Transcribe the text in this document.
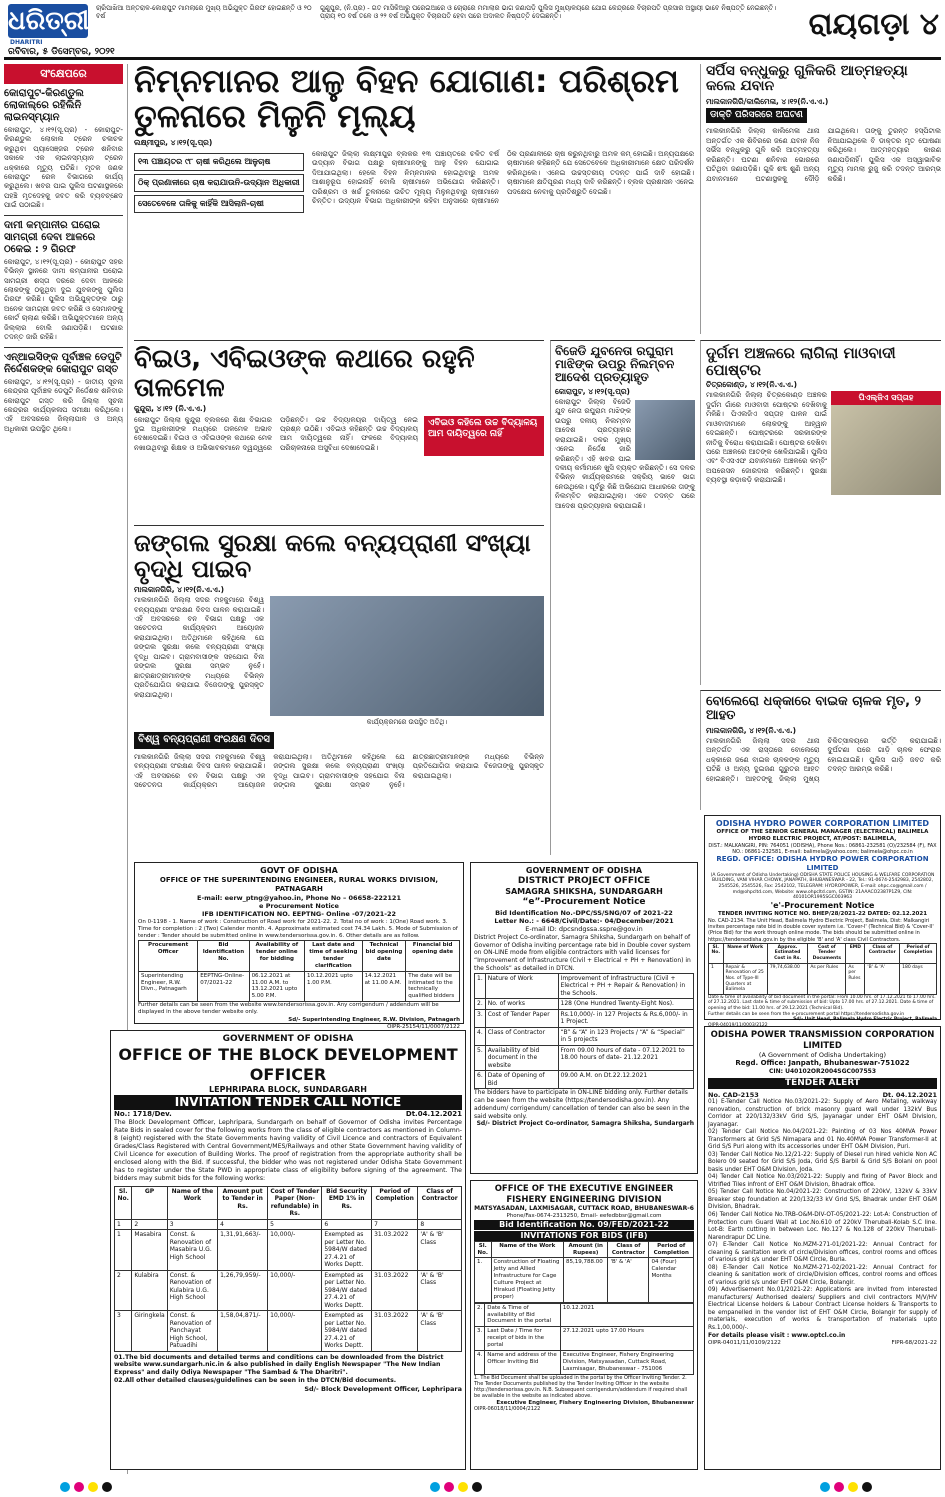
ଧରିତ୍ରୀ
DHARITRI
ରବିବାର, ୫ ଡିସେମ୍ବର, ୨୦୨୧
ଚାରିପାଖିଆ ଅନ୍ତରାଳ-କୋରାପୁଟ ମାମଲାରେ ମୁଖ୍ୟ ଅଭିଯୁକ୍ତ ଗିରଫ ହୋଇଛନ୍ତି ଓ ୨୦ ବର୍ଷ
ଗୁଣୁପୁର, (ନି.ପ୍ର) - ଗତ ମାସିକିଆରୁ ଘରେଇଆରେ ଓ ଚୋରାରେ ମମାଲାର ଭାଗ ଜଣାପଡ଼ି ପୁଲିସ ମୁଖ୍ୟାଳୟରେ ଯୋଗ କେନ୍ଦ୍ରରେ ବିଚାରପତି ପ୍ରସାର ଅସ୍ଥାୟୀ ଭାବେ ନିଷ୍ପତ୍ତି ନେଇଛନ୍ତି। ପ୍ରାୟ ୧୦ ବର୍ଷ ତଳେ ଓ ୨୨ ବର୍ଷ ଅଭିଯୁକ୍ତ ବିଚାରପତି ହେବା ପରେ ଅଦାଲତ ନିଷ୍ପତ୍ତି ଦେଇଛନ୍ତି।	ରାୟଗଡ଼ା ୪
ସଂକ୍ଷେପରେ
କୋରାପୁଟ-କିରଣ୍ଡୁଲ ଲୋକାଲ୍‌ରେ ରହିଲିନି ଲାଇନସ୍ମ୍ୟାନ
କୋରାପୁଟ, ୪।୧୨(ସୂ.ପ୍ର) - କୋରାପୁଟ-କିରଣ୍ଡୁଲ ଲୋକାଲ ଟ୍ରେନ ଚଳାଚଳ କରୁଥିବା ପ୍ୟାସେଞ୍ଜର ଟ୍ରେନ ଶନିବାର ସକାଳେ ଏକ ଲାଇନସ୍ମ୍ୟାନ ଟ୍ରେନ ଧକ୍କାରେ ମୃତ୍ୟୁ ଘଟିଛି। ମୃତକ ଜଣକ କୋରାପୁଟ ରେଳ ବିଭାଗରେ କାର୍ଯ୍ୟ କରୁଥିଲେ। ଖବର ପାଇ ପୁଲିସ ଘଟଣାସ୍ଥଳରେ ପହଞ୍ଚି ମୃତଦେହକୁ ଜବତ କରି ବ୍ୟବଚ୍ଛେଦ ପାଇଁ ପଠାଇଛି।
ଦାମୀ କମ୍ପାନୀର ଘରୋଇ ସାମଗ୍ରୀ ଦେବା ଆଳରେ ଠକେଇ : ୨ ଗିରଫ
କୋରାପୁଟ, ୪।୧୨(ସୂ.ପ୍ର) - କୋରାପୁଟ ସହର ବିଭିନ୍ନ ସ୍ଥାନରେ ଦାମୀ କମ୍ପାନୀର ଘରୋଇ ସାମଗ୍ରୀ ଶସ୍ତା ଦରରେ ଦେବା ଆଳରେ ଲୋକଙ୍କୁ ଠକୁଥିବା ଦୁଇ ଯୁବକଙ୍କୁ ପୁଲିସ ଗିରଫ କରିଛି। ପୁଲିସ ଅଭିଯୁକ୍ତଙ୍କ ଠାରୁ ଅନେକ ସାମଗ୍ରୀ ଜବତ କରିଛି ଓ ସେମାନଙ୍କୁ କୋର୍ଟ ଚାଲାଣ କରିଛି। ଅଭିଯୁକ୍ତମାନେ ଅନ୍ୟ ଜିଲ୍ଲାର ବୋଲି ଜଣାପଡ଼ିଛି। ଘଟଣାର ତଦନ୍ତ ଜାରି ରହିଛି।
ଏନ୍‌ଆଇସିଙ୍କ ପୂର୍ବାଞ୍ଚଳ ଡେପୁଟି ନିର୍ଦ୍ଦେଶକଙ୍କ କୋରାପୁଟ ଗସ୍ତ
କୋରାପୁଟ, ୪।୧୨(ସୂ.ପ୍ର) - ଜାତୀୟ ସୂଚନା କେନ୍ଦ୍ରର ପୂର୍ବାଞ୍ଚଳ ଡେପୁଟି ନିର୍ଦ୍ଦେଶକ ଶନିବାର କୋରାପୁଟ ଗସ୍ତ କରି ଜିଲ୍ଲା ସୂଚନା କେନ୍ଦ୍ରର କାର୍ଯ୍ୟକଳାପ ସମୀକ୍ଷା କରିଥିଲେ। ଏହି ଅବସରରେ ଜିଲ୍ଲାପାଳ ଓ ଅନ୍ୟ ଅଧିକାରୀ ଉପସ୍ଥିତ ଥିଲେ।
ନିମ୍ନମାନର ଆଳୁ ବିହନ ଯୋଗାଣ: ପରିଶ୍ରମ ତୁଳନାରେ ମିଳୁନି ମୂଲ୍ୟ
ଲକ୍ଷ୍ମୀପୁର, ୪।୧୨(ସୂ.ପ୍ର)
୧୩ ପଞ୍ଚାୟତର ୯୮ ଚାଷୀ କରିଥିଲେ ଆଳୁଚାଷ
ଠିକ୍ ପ୍ରଣାଳୀରେ ଚାଷ କରାଯାଉନି-ଉଦ୍ୟାନ ଅଧିକାରୀ
ସେତେବେଳେ ତାଳିକୁ କାହିଁକି ଆସିଲାନି-ଚାଷୀ
କୋରାପୁଟ ଜିଲ୍ଲା ଲକ୍ଷ୍ମୀପୁର ବ୍ଲକର ୧୩ ପଞ୍ଚାୟତରେ ଚଳିତ ବର୍ଷ ଉଦ୍ୟାନ ବିଭାଗ ପକ୍ଷରୁ ଚାଷୀମାନଙ୍କୁ ଆଳୁ ବିହନ ଯୋଗାଇ ଦିଆଯାଇଥିଲା। ହେଲେ ବିହନ ନିମ୍ନମାନର ହୋଇଥିବାରୁ ଅମଳ ଆଶାନୁରୂପ ହୋଇନାହିଁ ବୋଲି ଚାଷୀମାନେ ଅଭିଯୋଗ କରିଛନ୍ତି। ପରିଶ୍ରମ ଓ ଖର୍ଚ୍ଚ ତୁଳନାରେ ଉଚିତ ମୂଲ୍ୟ ମିଳୁନଥିବାରୁ ଚାଷୀମାନେ ଚିନ୍ତିତ। ଉଦ୍ୟାନ ବିଭାଗ ଅଧିକାରୀଙ୍କ କହିବା ଅନୁସାରେ ଚାଷୀମାନେ ଠିକ ପ୍ରଣାଳୀରେ ଚାଷ କରୁନଥିବାରୁ ଅମଳ କମ୍ ହୋଇଛି। ଅନ୍ୟପକ୍ଷରେ ଚାଷୀମାନେ କହିଛନ୍ତି ଯେ ସେତେବେଳେ ଅଧିକାରୀମାନେ କ୍ଷେତ ପରିଦର୍ଶନ କରିନଥିଲେ। ଏନେଇ ଉଚ୍ଚସ୍ତରୀୟ ତଦନ୍ତ ପାଇଁ ଦାବି ହୋଇଛି। ଚାଷୀମାନେ କ୍ଷତିପୂରଣ ମଧ୍ୟ ଦାବି କରିଛନ୍ତି। ବ୍ଲକ ପ୍ରଶାସନ ଏନେଇ ପଦକ୍ଷେପ ନେବାକୁ ପ୍ରତିଶ୍ରୁତି ଦେଇଛି।
ସର୍ପିସ ବନ୍ଧୁକରୁ ଗୁଳିକରି ଆତ୍ମହତ୍ୟା କଲେ ଯବାନ
ମାଲକାନଗିରି/କାଲିମେଳା, ୪।୧୨(ନି.ଏ.ଏ.)
ଡାକ୍ତି ପରିସରରେ ଅଘଟଣ
ମାଲକାନଗିରି ଜିଲ୍ଲା କାଲିମେଳା ଥାନା ଅନ୍ତର୍ଗତ ଏକ ଶିବିରରେ ଜଣେ ଯବାନ ନିଜ ସର୍ଭିସ ବନ୍ଧୁକରୁ ଗୁଳି କରି ଆତ୍ମହତ୍ୟା କରିଛନ୍ତି। ଘଟଣା ଶନିବାର ଭୋରରେ ଘଟିଥିବା ଜଣାପଡ଼ିଛି। ଗୁଳି ଶବ୍ଦ ଶୁଣି ଅନ୍ୟ ଯବାନମାନେ ଘଟଣାସ୍ଥଳକୁ ଦୌଡ଼ି ଯାଇଥିଲେ। ତାଙ୍କୁ ତୁରନ୍ତ ହସ୍ପିଟାଲ ନିଆଯାଇଥିଲେ ବି ଡାକ୍ତର ମୃତ ଘୋଷଣା କରିଥିଲେ। ଆତ୍ମହତ୍ୟାର କାରଣ ଜଣାପଡ଼ିନାହିଁ। ପୁଲିସ ଏକ ଅସ୍ୱାଭାବିକ ମୃତ୍ୟୁ ମାମଲା ରୁଜୁ କରି ତଦନ୍ତ ଆରମ୍ଭ କରିଛି।
ବିଇଓ, ଏବିଇଓଙ୍କ କଥାରେ ରହୁନି ତାଳମେଳ
କୁନ୍ଦୁରା, ୪।୧୨ (ନି.ଏ.ଏ.)
କୋରାପୁଟ ଜିଲ୍ଲା କୁନ୍ଦୁରା ବ୍ଲକରେ ଶିକ୍ଷା ବିଭାଗର ଦୁଇ ଅଧିକାରୀଙ୍କ ମଧ୍ୟରେ ତାଳମେଳ ଅଭାବ ଦେଖାଦେଇଛି। ବିଇଓ ଓ ଏବିଇଓଙ୍କ କଥାରେ ମେଳ ନଖାଉଥିବାରୁ ଶିକ୍ଷକ ଓ ଅଭିଭାବକମାନେ ଦ୍ୱନ୍ଦ୍ୱରେ ପଡ଼ିଛନ୍ତି। ଉଚ୍ଚ ବିଦ୍ୟାଳୟର ଦାୟିତ୍ୱ ନେଇ ପ୍ରଶ୍ନ ଉଠିଛି। ଏବିଇଓ କହିଛନ୍ତି ଉଚ୍ଚ ବିଦ୍ୟାଳୟ ଆମ ଦାୟିତ୍ୱରେ ନାହିଁ। ଫଳରେ ବିଦ୍ୟାଳୟ ପରିଚାଳନାରେ ଅସୁବିଧା ଦେଖାଦେଇଛି।
ଏବିଇଓ କହିଲେ ଉଚ୍ଚ ବିଦ୍ୟାଳୟ ଆମ ଦାୟିତ୍ୱରେ ନାହିଁ
ଜଙ୍ଗଲ ସୁରକ୍ଷା କଲେ ବନ୍ୟପ୍ରାଣୀ ସଂଖ୍ୟା ବୃଦ୍ଧି ପାଇବ
ମାଲକାନଗିରି, ୪।୧୨(ନି.ଏ.ଏ.)
ମାଲକାନଗିରି ଜିଲ୍ଲା ସଦର ମହକୁମାରେ ବିଶ୍ୱ ବନ୍ୟପ୍ରାଣୀ ସଂରକ୍ଷଣ ଦିବସ ପାଳନ କରାଯାଇଛି। ଏହି ଅବସରରେ ବନ ବିଭାଗ ପକ୍ଷରୁ ଏକ ସଚେତନତା କାର୍ଯ୍ୟକ୍ରମ ଆୟୋଜନ କରାଯାଇଥିଲା। ଅତିଥିମାନେ କହିଥିଲେ ଯେ ଜଙ୍ଗଲ ସୁରକ୍ଷା କଲେ ବନ୍ୟପ୍ରାଣୀ ସଂଖ୍ୟା ବୃଦ୍ଧି ପାଇବ। ଗ୍ରାମବାସୀଙ୍କ ସହଯୋଗ ବିନା ଜଙ୍ଗଲ ସୁରକ୍ଷା ସମ୍ଭବ ନୁହେଁ। ଛାତ୍ରଛାତ୍ରୀମାନଙ୍କ ମଧ୍ୟରେ ବିଭିନ୍ନ ପ୍ରତିଯୋଗିତା କରାଯାଇ ବିଜେତାଙ୍କୁ ପୁରସ୍କୃତ କରାଯାଇଥିଲା।
କାର୍ଯ୍ୟକ୍ରମରେ ଉପସ୍ଥିତ ଅତିଥି।
ବିଶ୍ୱ ବନ୍ୟପ୍ରାଣୀ ସଂରକ୍ଷଣ ଦିବସ
ମାଲକାନଗିରି ଜିଲ୍ଲା ସଦର ମହକୁମାରେ ବିଶ୍ୱ ବନ୍ୟପ୍ରାଣୀ ସଂରକ୍ଷଣ ଦିବସ ପାଳନ କରାଯାଇଛି। ଏହି ଅବସରରେ ବନ ବିଭାଗ ପକ୍ଷରୁ ଏକ ସଚେତନତା କାର୍ଯ୍ୟକ୍ରମ ଆୟୋଜନ କରାଯାଇଥିଲା। ଅତିଥିମାନେ କହିଥିଲେ ଯେ ଜଙ୍ଗଲ ସୁରକ୍ଷା କଲେ ବନ୍ୟପ୍ରାଣୀ ସଂଖ୍ୟା ବୃଦ୍ଧି ପାଇବ। ଗ୍ରାମବାସୀଙ୍କ ସହଯୋଗ ବିନା ଜଙ୍ଗଲ ସୁରକ୍ଷା ସମ୍ଭବ ନୁହେଁ। ଛାତ୍ରଛାତ୍ରୀମାନଙ୍କ ମଧ୍ୟରେ ବିଭିନ୍ନ ପ୍ରତିଯୋଗିତା କରାଯାଇ ବିଜେତାଙ୍କୁ ପୁରସ୍କୃତ କରାଯାଇଥିଲା।
ବିଜେଡି ଯୁବନେତା ରଘୁରାମ ମାଝିଙ୍କ ଉପରୁ ନିଲମ୍ବନ ଆଦେଶ ପ୍ରତ୍ୟାହୃତ
କୋରାପୁଟ, ୪।୧୨(ସୂ.ପ୍ର)
କୋରାପୁଟ ଜିଲ୍ଲା ବିଜେଡି ଯୁବ ନେତା ରଘୁରାମ ମାଝିଙ୍କ ଉପରୁ ଦଳୀୟ ନିଲମ୍ବନ ଆଦେଶ ପ୍ରତ୍ୟାହାର କରାଯାଇଛି। ଦଳର ମୁଖ୍ୟ ଏନେଇ ନିର୍ଦ୍ଦେଶ ଜାରି କରିଛନ୍ତି। ଏହି ଖବର ପାଇ ଦଳୀୟ କର୍ମୀମାନେ ଖୁସି ବ୍ୟକ୍ତ କରିଛନ୍ତି। ସେ ଦଳର ବିଭିନ୍ନ କାର୍ଯ୍ୟକ୍ରମରେ ସକ୍ରିୟ ଭାବେ ଭାଗ ନେଉଥିଲେ। ପୂର୍ବରୁ କିଛି ଅଭିଯୋଗ ଆଧାରରେ ତାଙ୍କୁ ନିଲମ୍ବିତ କରାଯାଇଥିଲା। ଏବେ ତଦନ୍ତ ପରେ ଆଦେଶ ପ୍ରତ୍ୟାହାର କରାଯାଇଛି।
ଦୁର୍ଗମ ଅଞ୍ଚଳରେ ଲାଗିଲା ମାଓବାଦୀ ପୋଷ୍ଟର
ଚିତ୍ରକୋଣ୍ଡ, ୪।୧୨(ନି.ଏ.ଏ.)
ପିଏଲ୍‌ଜିଏ ସପ୍ତାହ
ମାଲକାନଗିରି ଜିଲ୍ଲା ଚିତ୍ରକୋଣ୍ଡ ଅଞ୍ଚଳର ଦୁର୍ଗମ ଗାଁରେ ମାଓବାଦୀ ପୋଷ୍ଟର ଦେଖିବାକୁ ମିଳିଛି। ପିଏଲଜିଏ ସପ୍ତାହ ପାଳନ ପାଇଁ ମାଓବାଦୀମାନେ ଲୋକଙ୍କୁ ଆହ୍ୱାନ ଦେଇଛନ୍ତି। ପୋଷ୍ଟରରେ ସରକାରଙ୍କ ନୀତିକୁ ବିରୋଧ କରାଯାଇଛି। ପୋଷ୍ଟର ଦେଖିବା ପରେ ଅଞ୍ଚଳରେ ଆତଙ୍କ ଖେଳିଯାଇଛି। ପୁଲିସ ଏବଂ ବିଏସଏଫ ଯବାନମାନେ ଅଞ୍ଚଳରେ କମ୍ବିଂ ଅପରେସନ ଜୋରଦାର କରିଛନ୍ତି। ସୁରକ୍ଷା ବ୍ୟବସ୍ଥା କଡ଼ାକଡ଼ି କରାଯାଇଛି।
ବୋଲେରୋ ଧକ୍କାରେ ବାଇକ ଚାଳକ ମୃତ, ୨ ଆହତ
ମାଲକାନଗିରି, ୪।୧୨(ନି.ଏ.ଏ.)
ମାଲକାନଗିରି ଜିଲ୍ଲା ସଦର ଥାନା ଅନ୍ତର୍ଗତ ଏକ ରାସ୍ତାରେ ବୋଲେରୋ ଧକ୍କାରେ ଜଣେ ବାଇକ ଚାଳକଙ୍କ ମୃତ୍ୟୁ ଘଟିଛି ଓ ଅନ୍ୟ ଦୁଇଜଣ ଗୁରୁତର ଆହତ ହୋଇଛନ୍ତି। ଆହତଙ୍କୁ ଜିଲ୍ଲା ମୁଖ୍ୟ ଚିକିତ୍ସାଳୟରେ ଭର୍ତ୍ତି କରାଯାଇଛି। ଦୁର୍ଘଟଣା ପରେ ଗାଡ଼ି ଚାଳକ ଫେରାର ହୋଇଯାଇଛି। ପୁଲିସ ଗାଡ଼ି ଜବତ କରି ତଦନ୍ତ ଆରମ୍ଭ କରିଛି।
GOVT OF ODISHA
OFFICE OF THE SUPERINTENDING ENGINEER, RURAL WORKS DIVISION, PATNAGARH
E-mail: eerw_ptng@yahoo.in, Phone No – 06658-222121
e Procurement Notice
IFB IDENTIFICATION NO. EEPTNG- Online -07/2021-22
On 0-1198 - 1. Name of work : Construction of Road work for 2021-22. 2. Total no of work : 1(One) Road work. 3. Time for completion : 2 (Two) Calender month. 4. Approximate estimated cost 74.34 Lakh. 5. Mode of Submission of tender : Tender should be submitted online in www.tendersorissa.gov.in. 6. Other details are as follow.
Procurement Officer	Bid Identification No.	Availability of tender online for bidding	Last date and time of seeking tender clarification	Technical bid opening date	Financial bid opening date
Superintending Engineer, R.W. Divn., Patnagarh	EEPTNG-Online- 07/2021-22	06.12.2021 at 11.00 A.M. to 13.12.2021 upto 5.00 P.M.	10.12.2021 upto 1.00 P.M.	14.12.2021 at 11.00 A.M.	The date will be intimated to the technically qualified bidders
Further details can be seen from the website www.tendersorissa.gov.in. Any corrigendum / addendum will be displayed in the above tender website only.
Sd/- Superintending Engineer, R.W. Division, Patnagarh
OIPR-25154/11/0007/2122
GOVERNMENT OF ODISHA
DISTRICT PROJECT OFFICE
SAMAGRA SHIKSHA, SUNDARGARH
“e”-Procurement Notice
Bid Identification No.-DPC/SS/SNG/07 of 2021-22
Letter No.: - 6648/Civil/Date:- 04/December/2021
E-mail ID: dpcsndgssa.sspre@gov.in
District Project Co-ordinator, Samagra Shiksha, Sundargarh on behalf of Governor of Odisha inviting percentage rate bid in Double cover system on ON-LINE mode from eligible contractors with valid licenses for “Improvement of Infrastructure (Civil + Electrical + PH + Renovation) in the Schools” as detailed in DTCN.
1.	Nature of Work	Improvement of Infrastructure (Civil + Electrical + PH + Repair & Renovation) in the Schools.
2.	No. of works	128 (One Hundred Twenty-Eight Nos).
3.	Cost of Tender Paper	Rs.10,000/- in 127 Projects & Rs.6,000/- in 1 Project.
4.	Class of Contractor	“B” & “A” in 123 Projects / “A” & “Special” in 5 projects
5.	Availability of bid document in the website	From 09.00 hours of date - 07.12.2021 to 18.00 hours of date- 21.12.2021
6.	Date of Opening of Bid	09.00 A.M. on Dt.22.12.2021
The bidders have to participate in ON-LINE bidding only. Further details can be seen from the website (https://tendersodisha.gov.in). Any addendum/ corrigendum/ cancellation of tender can also be seen in the said website only.
Sd/- District Project Co-ordinator, Samagra Shiksha, Sundargarh
ODISHA HYDRO POWER CORPORATION LIMITED
OFFICE OF THE SENIOR GENERAL MANAGER (ELECTRICAL) BALIMELA HYDRO ELECTRIC PROJECT, AT/POST: BALIMELA,
DIST.: MALKANGIRI, PIN: 764051 (ODISHA), Phone Nos.: 06861-232581 (O)/232584 (F), FAX NO.: 06861-232581, E-mail: balimela@yahoo.com; balimela@ohpc.co.in
REGD. OFFICE: ODISHA HYDRO POWER CORPORATION LIMITED
(A Government of Odisha Undertaking) ODISHA STATE POLICE HOUSING & WELFARE CORPORATION BUILDING, VANI VIHAR CHOWK, JANAPATH, BHUBANESWAR - 22, Tel.: 91-0674-2542983, 2542802, 2545526, 2545526, Fax: 2542102, TELEGRAM: HYDROPOWER, E-mail: ohpc.co@gmail.com / md@ohpcltd.com, Website: www.ohpcltd.com, GSTIN: 21AAACO2387P1Z9, CIN: 40101OR1995SGC003963
'e'-Procurement Notice
TENDER INVITING NOTICE NO. BHEP/28/2021-22 DATED: 02.12.2021
No. CAD-2134. The Unit Head, Balimela Hydro Electric Project, Balimela, Dist: Malkangiri invites percentage rate bid in double cover system i.e. 'Cover-I' (Technical Bid) & 'Cover-II' (Price Bid) for the work through online mode. The bids should be submitted online in https://tendersodisha.gov.in by the eligible 'B' and 'A' class Civil Contractors.
Sl. No.	Name of Work	Approx. Estimated Cost in Rs.	Cost of Tender Documents	EMD	Class of Contractor	Period of Completion
1	Repair & Renovation of 25 Nos. of Type-III Quarters at Balimela	79,74,638.00	As per Rules	As per Rules	'B' & 'A'	180 days
Date & time of availability of bid document in the portal: From 10.00 hrs. of 17.12.2021 to 17.00 hrs. of 27.12.2021. Last date & time of submission of bid: Upto 17.00 hrs. of 27.12.2021. Date & time of opening of the bid: 11.00 hrs. of 29.12.2021 (Technical Bid).
Further details can be seen from the e-procurement portal https://tendersodisha.gov.in
Sd/- Unit Head, Balimela Hydro Electric Project, Balimela
GOVERNMENT OF ODISHA
OFFICE OF THE BLOCK DEVELOPMENT OFFICER
LEPHRIPARA BLOCK, SUNDARGARH
INVITATION TENDER CALL NOTICE
No.: 1718/Dev.	Dt.04.12.2021
The Block Development Officer, Lephripara, Sundargarh on behalf of Governor of Odisha invites Percentage Rate Bids in sealed cover for the following works from the class of eligible contractors as mentioned in Column-8 (eight) registered with the State Governments having validity of Civil Licence and contractors of Equivalent Grades/Class Registered with Central Government/MES/Railways and other State Government having validity of Civil Licence for execution of Building Works. The proof of registration from the appropriate authority shall be enclosed along with the Bid. If successful, the bidder who was not registered under Odisha State Government has to register under the State PWD in appropriate class of eligibility before signing of the agreement. The bidders may submit bids for the following works:
Sl. No.	GP	Name of the Work	Amount put to Tender in Rs.	Cost of Tender Paper (Non-refundable) in Rs.	Bid Security EMD 1% in Rs.	Period of Completion	Class of Contractor
1	2	3	4	5	6	7	8
1	Masabira	Const. & Renovation of Masabira U.G. High School	1,31,91,663/-	10,000/-	Exempted as per Letter No. 5984/W dated 27.4.21 of Works Deptt.	31.03.2022	'A' & 'B' Class
2	Kulabira	Const. & Renovation of Kulabira U.G. High School	1,26,79,959/-	10,000/-	Exempted as per Letter No. 5984/W dated 27.4.21 of Works Deptt.	31.03.2022	'A' & 'B' Class
3	Giringkela	Const. & Renovation of Panchayat High School, Patuadihi	1,58,04,871/-	10,000/-	Exempted as per Letter No. 5984/W dated 27.4.21 of Works Deptt.	31.03.2022	'A' & 'B' Class
01.The bid documents and detailed terms and conditions can be downloaded from the District website www.sundargarh.nic.in & also published in daily English Newspaper "The New Indian Express" and daily Odiya Newspaper "The Sambad & The Dharitri".
02.All other detailed clauses/guidelines can be seen in the DTCN/Bid documents.
Sd/- Block Development Officer, Lephripara
OFFICE OF THE EXECUTIVE ENGINEER
FISHERY ENGINEERING DIVISION
MATSYASADAN, LAXMISAGAR, CUTTACK ROAD, BHUBANESWAR-6
Phone/Fax-0674-2313250, Email- eefedbbsr@gmail.com
Bid Identification No. 09/FED/2021-22
INVITATIONS FOR BIDS (IFB)
Sl. No.	Name of the Work	Amount (in Rupees)	Class of Contractor	Period of Completion
1.	Construction of Floating Jetty and Allied Infrastructure for Cage Culture Project at Hirakud (Floating Jetty proper)	85,19,788.00	'B' & 'A'	04 (Four) Calendar Months
2.	Date & Time of availability of Bid Document in the portal	10.12.2021
3.	Last Date / Time for receipt of bids in the portal	27.12.2021 upto 17.00 Hours
4.	Name and address of the Officer Inviting Bid	Executive Engineer, Fishery Engineering Division, Matsyasadan, Cuttack Road, Laxmisagar, Bhubaneswar - 751006
1. The Bid Document shall be uploaded in the portal by the Officer Inviting Tender. 2. The Tender Documents published by the Tender Inviting Officer in the website http://tendersorissa.gov.in. N.B. Subsequent corrigendum/addendum if required shall be available in the website as indicated above.
Executive Engineer, Fishery Engineering Division, Bhubaneswar
OIPR-06018/11/0004/2122
ODISHA POWER TRANSMISSION CORPORATION LIMITED
(A Government of Odisha Undertaking)
Regd. Office: Janpath, Bhubaneswar-751022
CIN: U40102OR2004SGC007553
TENDER ALERT
No. CAD-2153	Dt. 04.12.2021
01) E-Tender Call Notice No.03/2021-22: Supply of Aero Metaling, walkway renovation, construction of brick masonry guard wall under 132kV Bus Corridor at 220/132/33kV Grid S/S, Jayanagar under EHT O&M Division, Jayanagar.
02) Tender Call Notice No.04/2021-22: Painting of 03 Nos 40MVA Power Transformers at Grid S/S Nimapara and 01 No.40MVA Power Transformer-II at Grid S/S Puri along with its accessories under EHT O&M Division, Puri.
03) Tender Call Notice No.12/21-22: Supply of Diesel run hired vehicle Non AC Bolero 09 seated for Grid S/S Joda, Grid S/S Barbil & Grid S/S Bolani on pool basis under EHT O&M Division, Joda.
04) Tender Call Notice No.03/2021-22: Supply and fixing of Pavor Block and Vitrified Tiles infront of EHT O&M Division, Bhadrak office.
05) Tender Call Notice No.04/2021-22: Construction of 220kV, 132kV & 33kV Breaker step foundation at 220/132/33 kV Grid S/S, Bhadrak under EHT O&M Division, Bhadrak.
06) Tender Call Notice No.TRB-O&M-DIV-OT-05/2021-22: Lot-A: Construction of Protection cum Guard Wall at Loc.No.610 of 220kV Therubali-Kolab S.C line. Lot-B: Earth cutting in between Loc. No.127 & No.128 of 220kV Therubali-Narendrapur DC Line.
07) E-Tender Call Notice No.MZM-271-01/2021-22: Annual Contract for cleaning & sanitation work of circle/Division offices, control rooms and offices of various grid s/s under EHT O&M Circle, Burla.
08) E-Tender Call Notice No.MZM-271-02/2021-22: Annual Contract for cleaning & sanitation work of circle/Division offices, control rooms and offices of various grid s/s under EHT O&M Circle, Bolangir.
09) Advertisement No.01/2021-22: Applications are invited from interested manufacturers/ Authorised dealers/ Suppliers and civil contractors M/V/HV Electrical License holders & Labour Contract License holders & Transports to be empanelled in the vendor list of EHT O&M Circle, Bolangir for supply of materials, execution of works & transportation of materials upto Rs.1,00,000/-.
For details please visit : www.optcl.co.in
OIPR-04011/11/0109/2122	FIPR-68/2021-22
